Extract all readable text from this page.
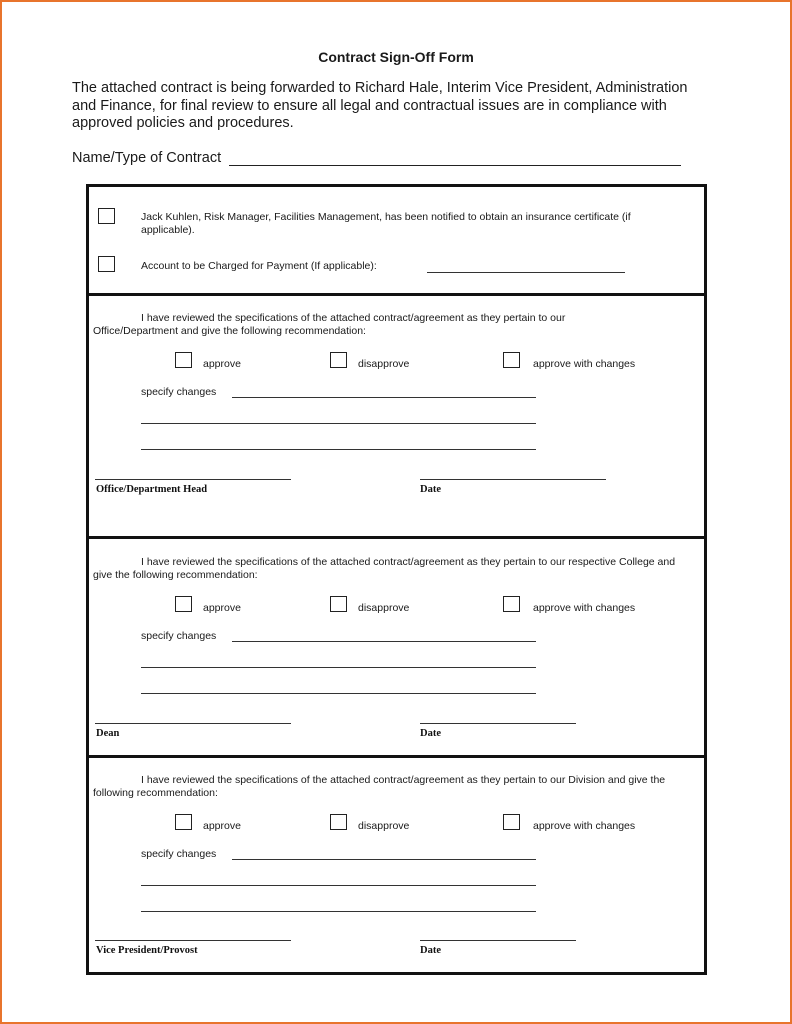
Contract Sign-Off Form
The attached contract is being forwarded to Richard Hale, Interim Vice President, Administration and Finance, for final review to ensure all legal and contractual issues are in compliance with approved policies and procedures.
Name/Type of Contract
Jack Kuhlen, Risk Manager, Facilities Management, has been notified to obtain an insurance certificate (if applicable).
Account to be Charged for Payment (If applicable):
I have reviewed the specifications of the attached contract/agreement as they pertain to our Office/Department and give the following recommendation:
approve	disapprove	approve with changes
specify changes
Office/Department Head	Date
I have reviewed the specifications of the attached contract/agreement as they pertain to our respective College and give the following recommendation:
approve	disapprove	approve with changes
specify changes
Dean	Date
I have reviewed the specifications of the attached contract/agreement as they pertain to our Division and give the following recommendation:
approve	disapprove	approve with changes
specify changes
Vice President/Provost	Date
